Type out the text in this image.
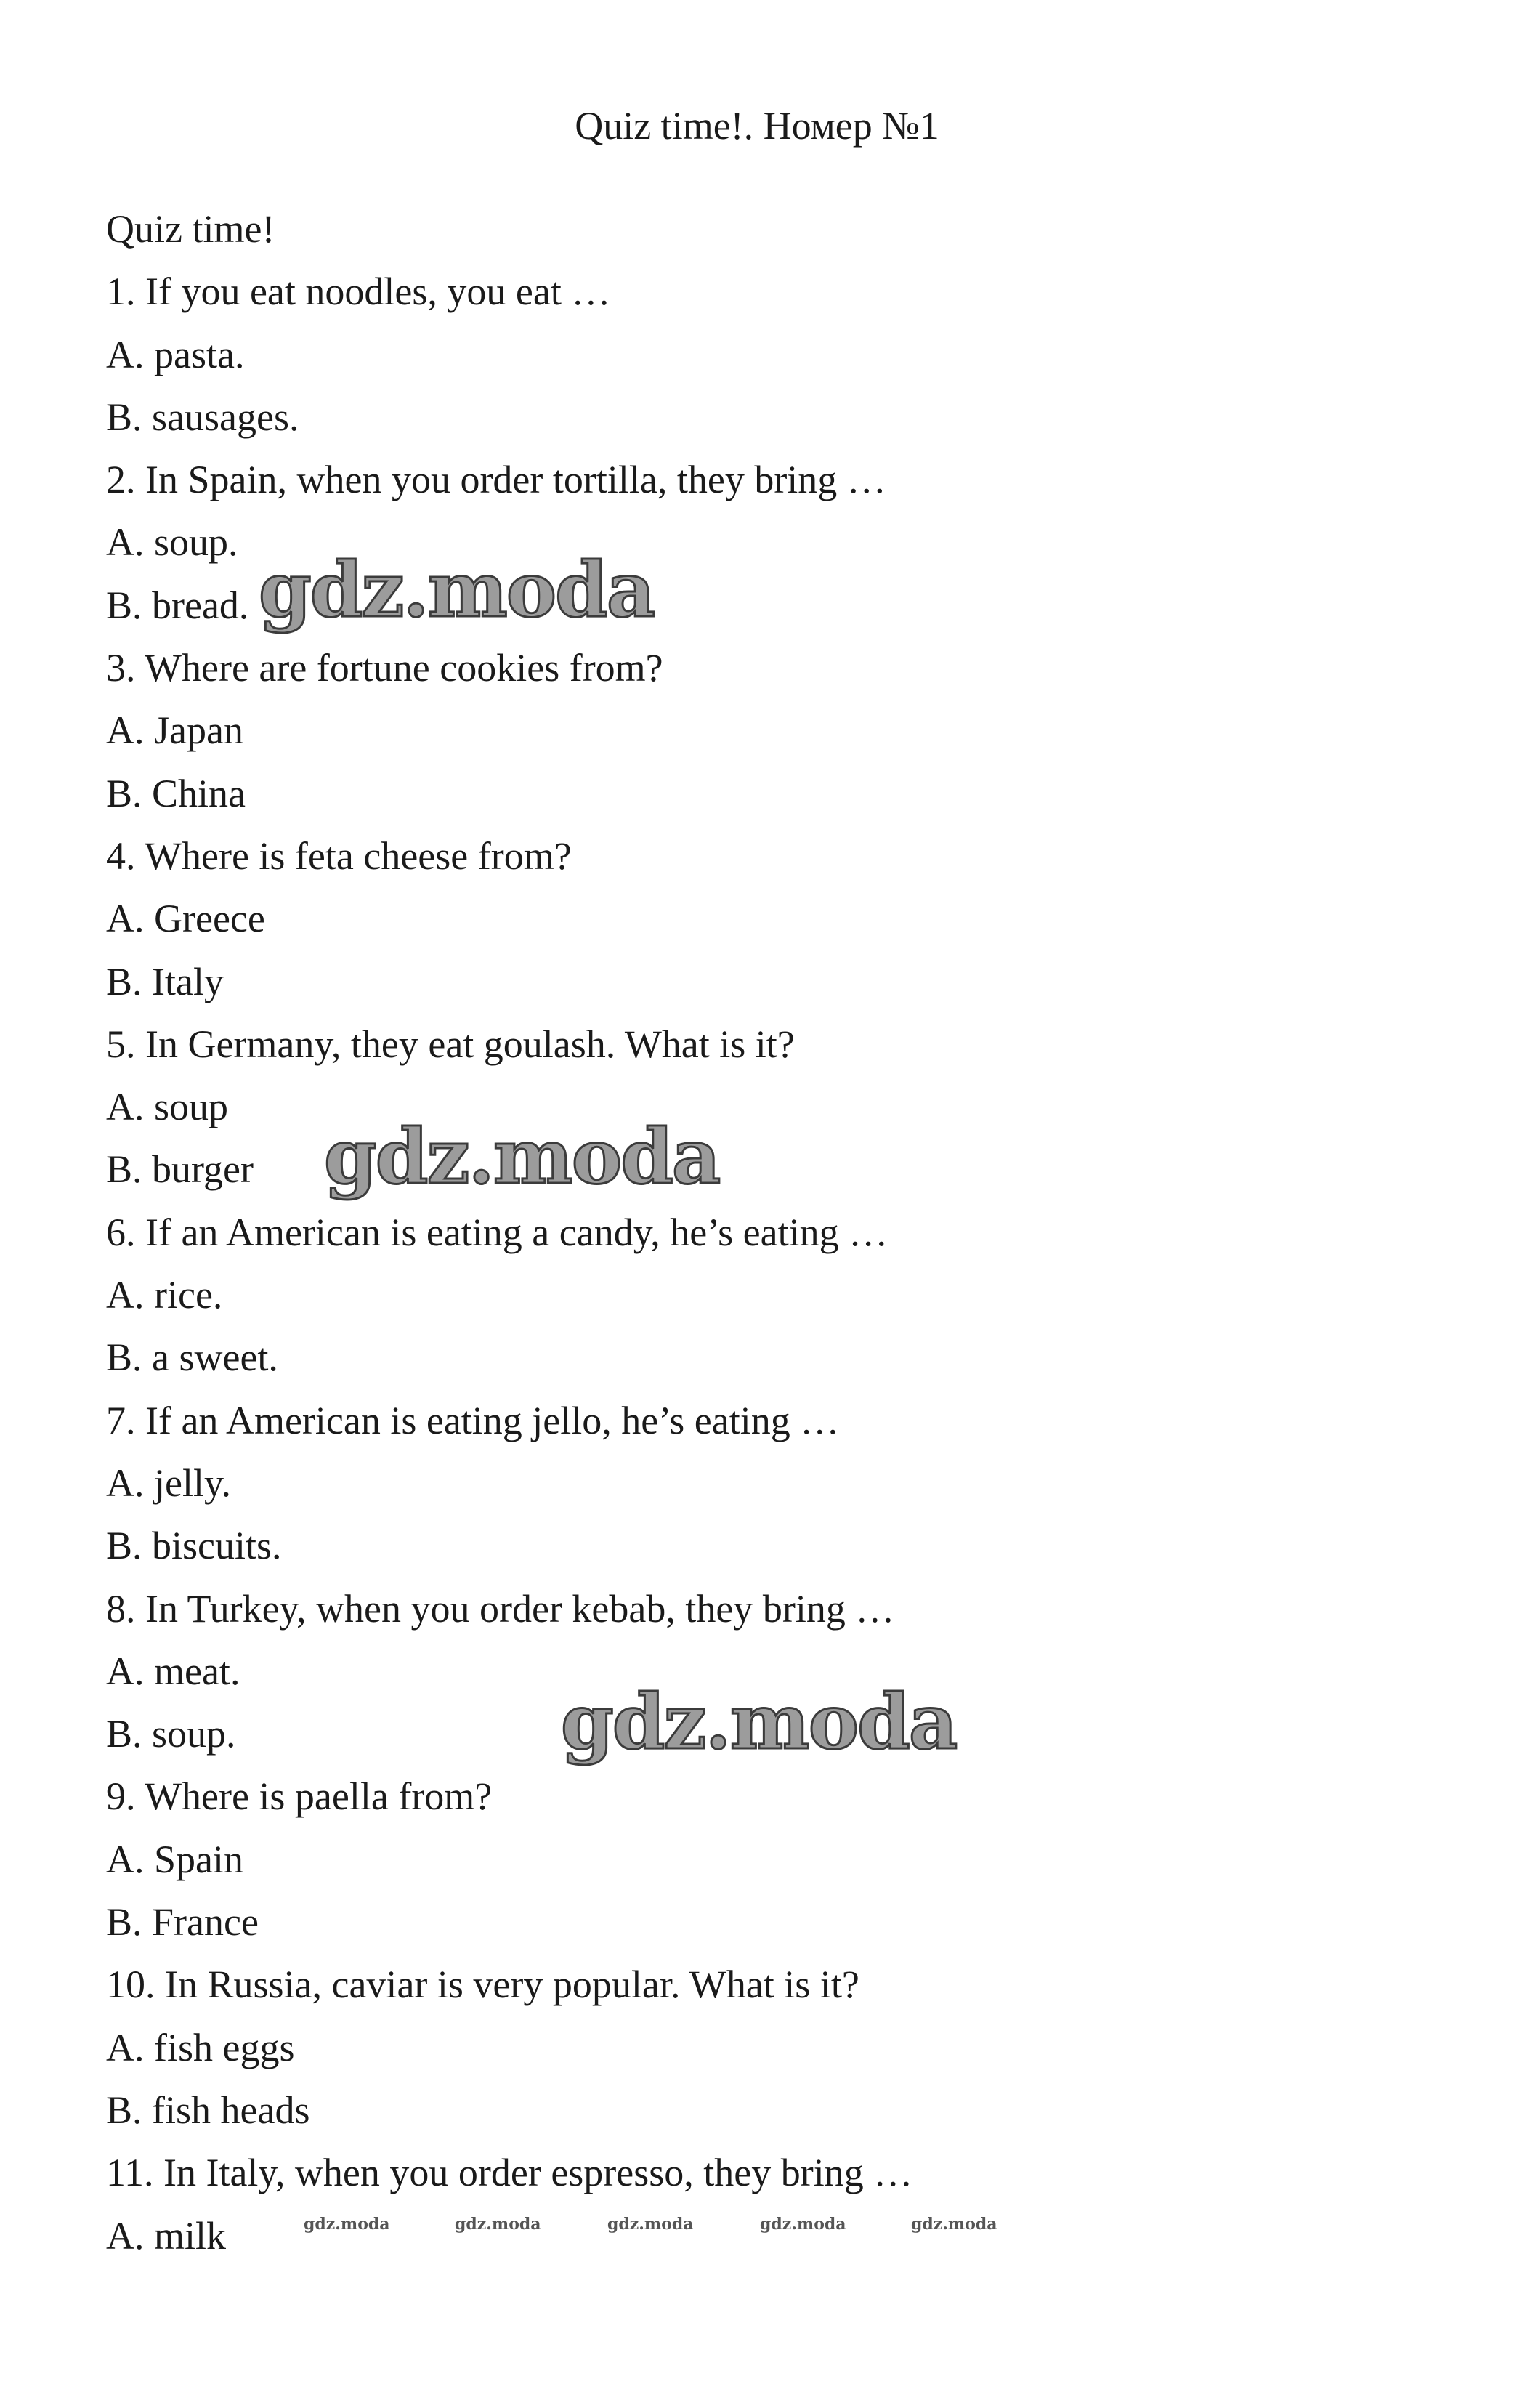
Quiz time!. Номер №1
Quiz time!
1. If you eat noodles, you eat …
A. pasta.
B. sausages.
2. In Spain, when you order tortilla, they bring …
A. soup.
B. bread.
3. Where are fortune cookies from?
A. Japan
B. China
4. Where is feta cheese from?
A. Greece
B. Italy
5. In Germany, they eat goulash. What is it?
A. soup
B. burger
6. If an American is eating a candy, he’s eating …
A. rice.
B. a sweet.
7. If an American is eating jello, he’s eating …
A. jelly.
B. biscuits.
8. In Turkey, when you order kebab, they bring …
A. meat.
B. soup.
9. Where is paella from?
A. Spain
B. France
10. In Russia, caviar is very popular. What is it?
A. fish eggs
B. fish heads
11. In Italy, when you order espresso, they bring …
A. milk
gdz.moda
gdz.moda
gdz.moda
gdz.moda	gdz.moda	gdz.moda	gdz.moda	gdz.moda
